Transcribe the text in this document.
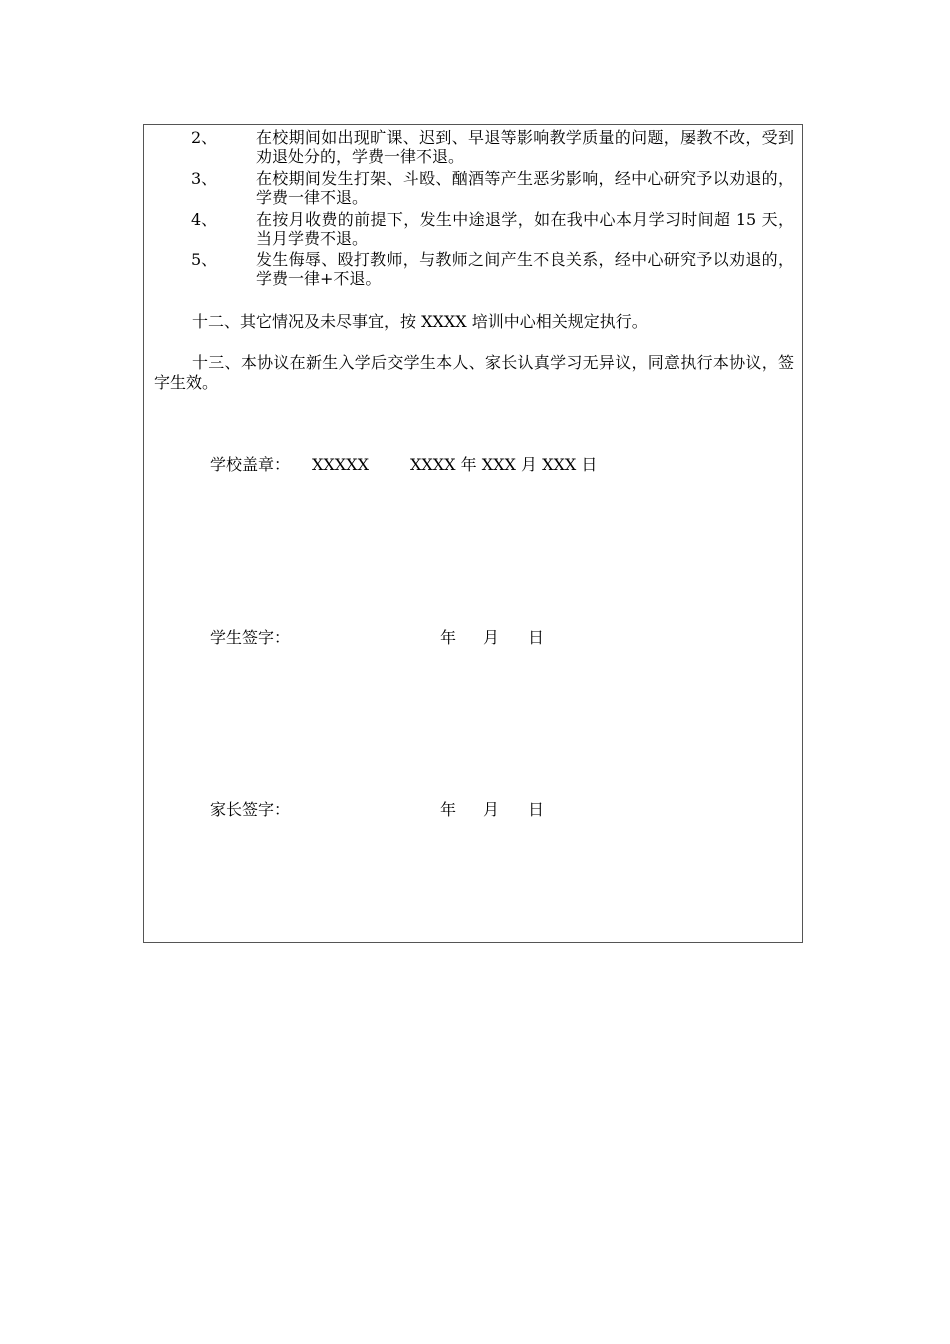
2、 在校期间如出现旷课、迟到、早退等影响教学质量的问题，屡教不改，受到劝退处分的，学费一律不退。
3、 在校期间发生打架、斗殴、酗酒等产生恶劣影响，经中心研究予以劝退的，学费一律不退。
4、 在按月收费的前提下，发生中途退学，如在我中心本月学习时间超 15 天，当月学费不退。
5、 发生侮辱、殴打教师，与教师之间产生不良关系，经中心研究予以劝退的，学费一律+不退。
十二、其它情况及未尽事宜，按 XXXX 培训中心相关规定执行。
十三、本协议在新生入学后交学生本人、家长认真学习无异议，同意执行本协议，签字生效。
学校盖章： XXXXX	XXXX 年 XXX 月 XXX 日
学生签字：	年 月 日
家长签字：	年 月 日
